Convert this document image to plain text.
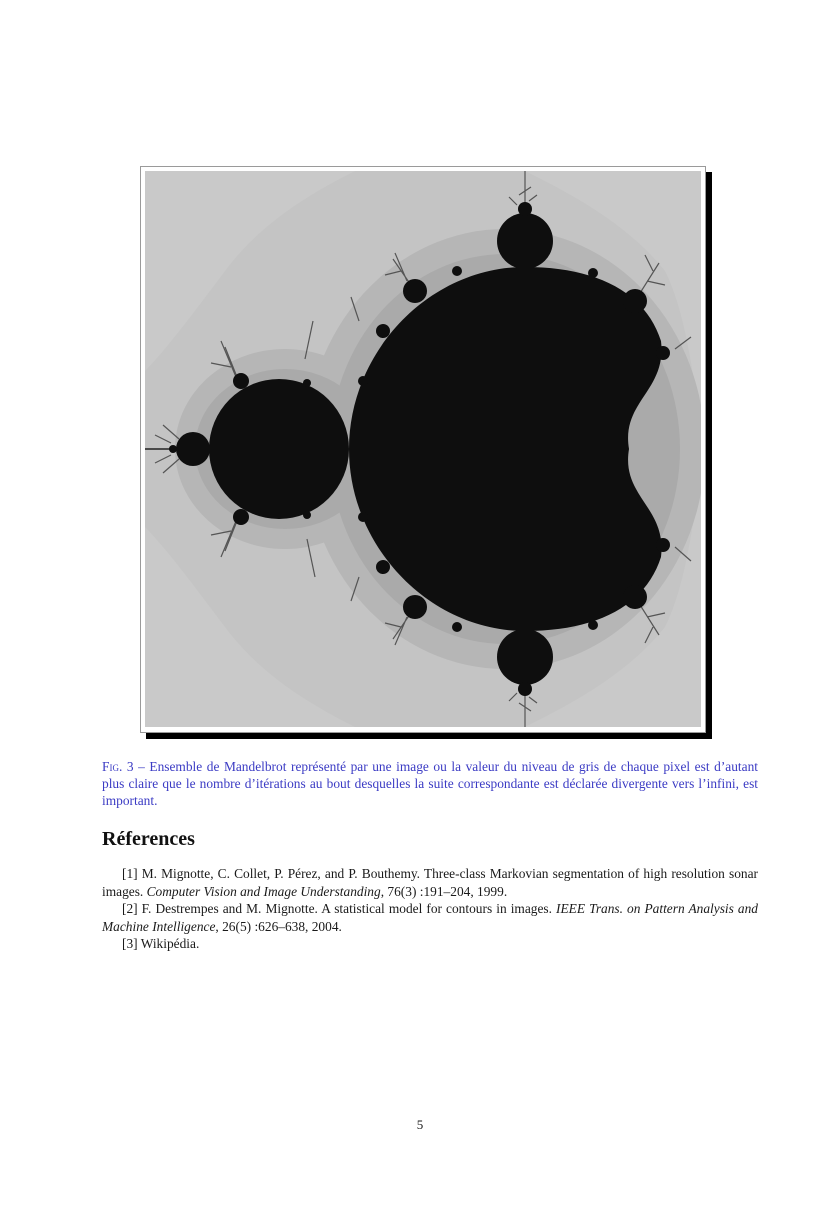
Fig. 3 – Ensemble de Mandelbrot représenté par une image ou la valeur du niveau de gris de chaque pixel est d’autant plus claire que le nombre d’itérations au bout desquelles la suite correspondante est déclarée divergente vers l’infini, est important.

Réferences
[1] M. Mignotte, C. Collet, P. Pérez, and P. Bouthemy. Three-class Markovian segmentation of high resolution sonar images. Computer Vision and Image Understanding, 76(3) :191–204, 1999.
[2] F. Destrempes and M. Mignotte. A statistical model for contours in images. IEEE Trans. on Pattern Analysis and Machine Intelligence, 26(5) :626–638, 2004.
[3] Wikipédia.
5
